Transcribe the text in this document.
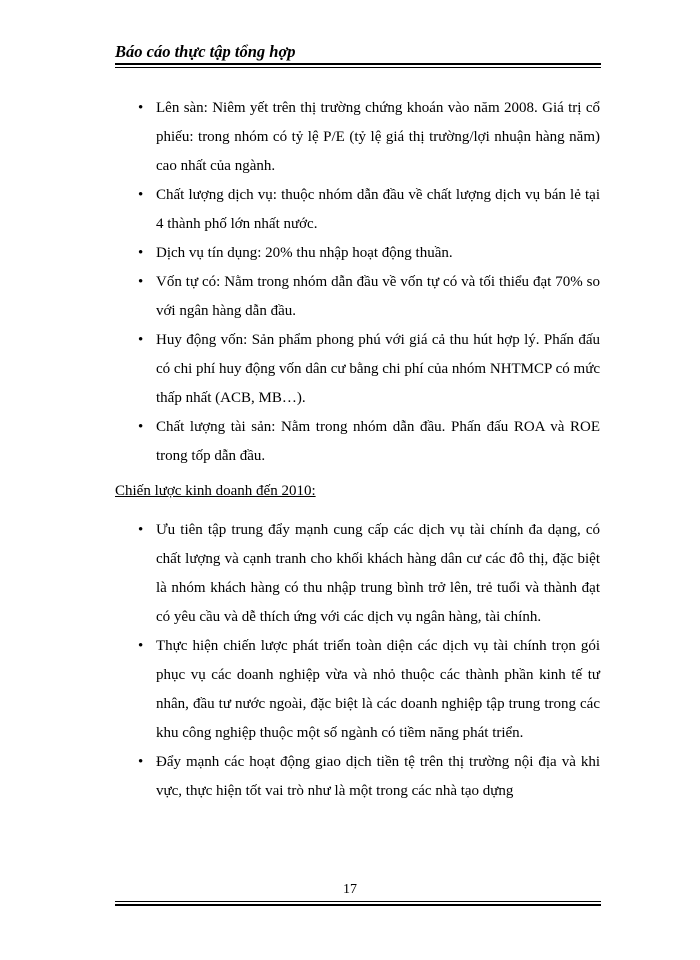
Báo cáo thực tập tổng hợp
• Lên sàn: Niêm yết trên thị trường chứng khoán vào năm 2008. Giá trị cổ phiếu: trong nhóm có tỷ lệ P/E (tỷ lệ giá thị trường/lợi nhuận hàng năm) cao nhất của ngành.
• Chất lượng dịch vụ: thuộc nhóm dẫn đầu về chất lượng dịch vụ bán lẻ tại 4 thành phố lớn nhất nước.
• Dịch vụ tín dụng: 20% thu nhập hoạt động thuần.
• Vốn tự có: Nằm trong nhóm dẫn đầu về vốn tự có và tối thiểu đạt 70% so với ngân hàng dẫn đầu.
• Huy động vốn: Sản phẩm phong phú với giá cả thu hút hợp lý. Phấn đấu có chi phí huy động vốn dân cư bằng chi phí của nhóm NHTMCP có mức thấp nhất (ACB, MB…).
• Chất lượng tài sản: Nằm trong nhóm dẫn đầu. Phấn đấu ROA và ROE trong tốp dẫn đầu.
Chiến lược kinh doanh đến 2010:
• Ưu tiên tập trung đẩy mạnh cung cấp các dịch vụ tài chính đa dạng, có chất lượng và cạnh tranh cho khối khách hàng dân cư các đô thị, đặc biệt là nhóm khách hàng có thu nhập trung bình trở lên, trẻ tuổi và thành đạt có yêu cầu và dễ thích ứng với các dịch vụ ngân hàng, tài chính.
• Thực hiện chiến lược phát triển toàn diện các dịch vụ tài chính trọn gói phục vụ các doanh nghiệp vừa và nhỏ thuộc các thành phần kinh tế tư nhân, đầu tư nước ngoài, đặc biệt là các doanh nghiệp tập trung trong các khu công nghiệp thuộc một số ngành có tiềm năng phát triển.
• Đẩy mạnh các hoạt động giao dịch tiền tệ trên thị trường nội địa và khi vực, thực hiện tốt vai trò như là một trong các nhà tạo dựng
17
